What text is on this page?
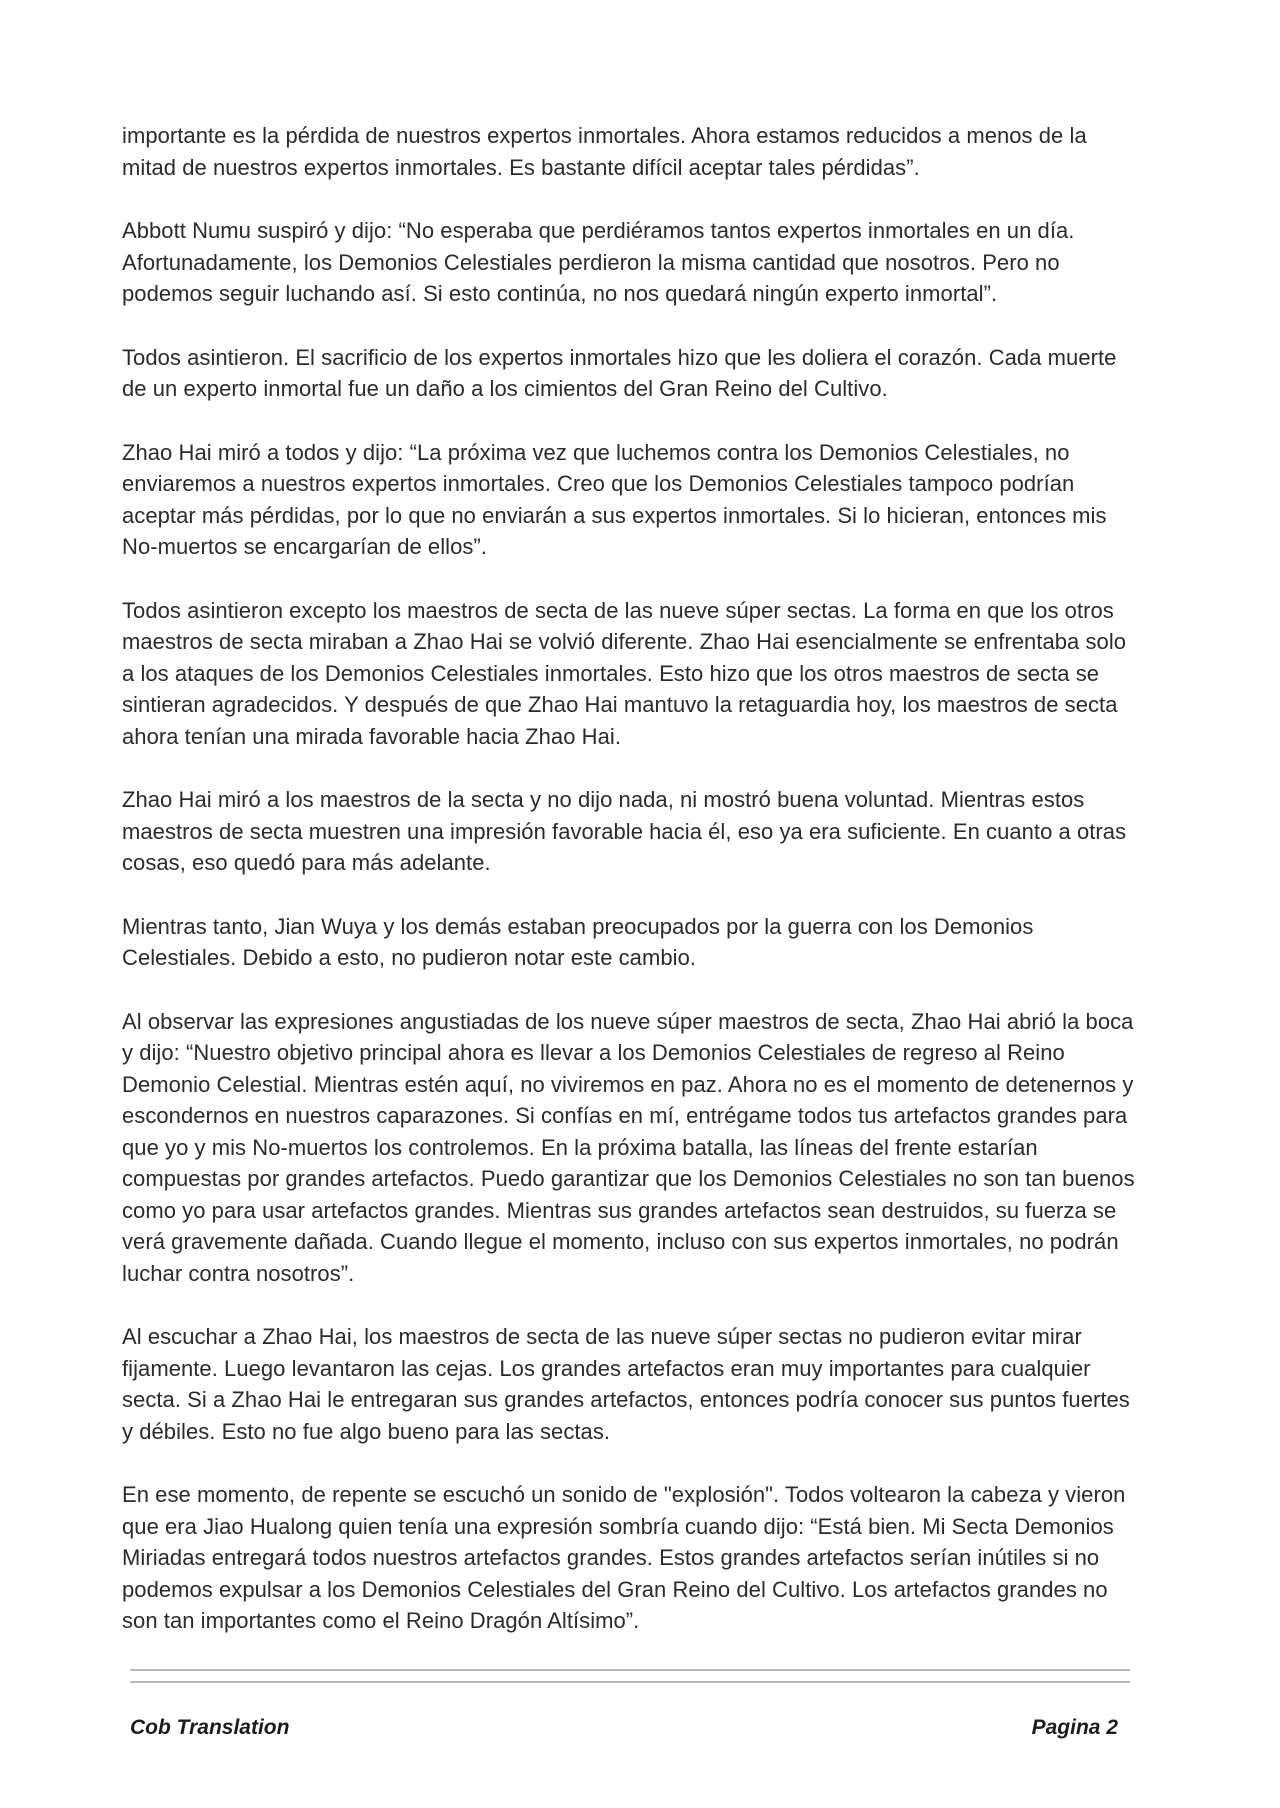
importante es la pérdida de nuestros expertos inmortales. Ahora estamos reducidos a menos de la mitad de nuestros expertos inmortales. Es bastante difícil aceptar tales pérdidas”.

Abbott Numu suspiró y dijo: “No esperaba que perdiéramos tantos expertos inmortales en un día. Afortunadamente, los Demonios Celestiales perdieron la misma cantidad que nosotros. Pero no podemos seguir luchando así. Si esto continúa, no nos quedará ningún experto inmortal”.

Todos asintieron. El sacrificio de los expertos inmortales hizo que les doliera el corazón. Cada muerte de un experto inmortal fue un daño a los cimientos del Gran Reino del Cultivo.

Zhao Hai miró a todos y dijo: “La próxima vez que luchemos contra los Demonios Celestiales, no enviaremos a nuestros expertos inmortales. Creo que los Demonios Celestiales tampoco podrían aceptar más pérdidas, por lo que no enviarán a sus expertos inmortales. Si lo hicieran, entonces mis No-muertos se encargarían de ellos”.

Todos asintieron excepto los maestros de secta de las nueve súper sectas. La forma en que los otros maestros de secta miraban a Zhao Hai se volvió diferente. Zhao Hai esencialmente se enfrentaba solo a los ataques de los Demonios Celestiales inmortales. Esto hizo que los otros maestros de secta se sintieran agradecidos. Y después de que Zhao Hai mantuvo la retaguardia hoy, los maestros de secta ahora tenían una mirada favorable hacia Zhao Hai.

Zhao Hai miró a los maestros de la secta y no dijo nada, ni mostró buena voluntad. Mientras estos maestros de secta muestren una impresión favorable hacia él, eso ya era suficiente. En cuanto a otras cosas, eso quedó para más adelante.

Mientras tanto, Jian Wuya y los demás estaban preocupados por la guerra con los Demonios Celestiales. Debido a esto, no pudieron notar este cambio.

Al observar las expresiones angustiadas de los nueve súper maestros de secta, Zhao Hai abrió la boca y dijo: “Nuestro objetivo principal ahora es llevar a los Demonios Celestiales de regreso al Reino Demonio Celestial. Mientras estén aquí, no viviremos en paz. Ahora no es el momento de detenernos y escondernos en nuestros caparazones. Si confías en mí, entrégame todos tus artefactos grandes para que yo y mis No-muertos los controlemos. En la próxima batalla, las líneas del frente estarían compuestas por grandes artefactos. Puedo garantizar que los Demonios Celestiales no son tan buenos como yo para usar artefactos grandes. Mientras sus grandes artefactos sean destruidos, su fuerza se verá gravemente dañada. Cuando llegue el momento, incluso con sus expertos inmortales, no podrán luchar contra nosotros”.

Al escuchar a Zhao Hai, los maestros de secta de las nueve súper sectas no pudieron evitar mirar fijamente. Luego levantaron las cejas. Los grandes artefactos eran muy importantes para cualquier secta. Si a Zhao Hai le entregaran sus grandes artefactos, entonces podría conocer sus puntos fuertes y débiles. Esto no fue algo bueno para las sectas.

En ese momento, de repente se escuchó un sonido de "explosión". Todos voltearon la cabeza y vieron que era Jiao Hualong quien tenía una expresión sombría cuando dijo: “Está bien. Mi Secta Demonios Miriadas entregará todos nuestros artefactos grandes. Estos grandes artefactos serían inútiles si no podemos expulsar a los Demonios Celestiales del Gran Reino del Cultivo. Los artefactos grandes no son tan importantes como el Reino Dragón Altísimo”.

Cob Translation	Pagina 2
